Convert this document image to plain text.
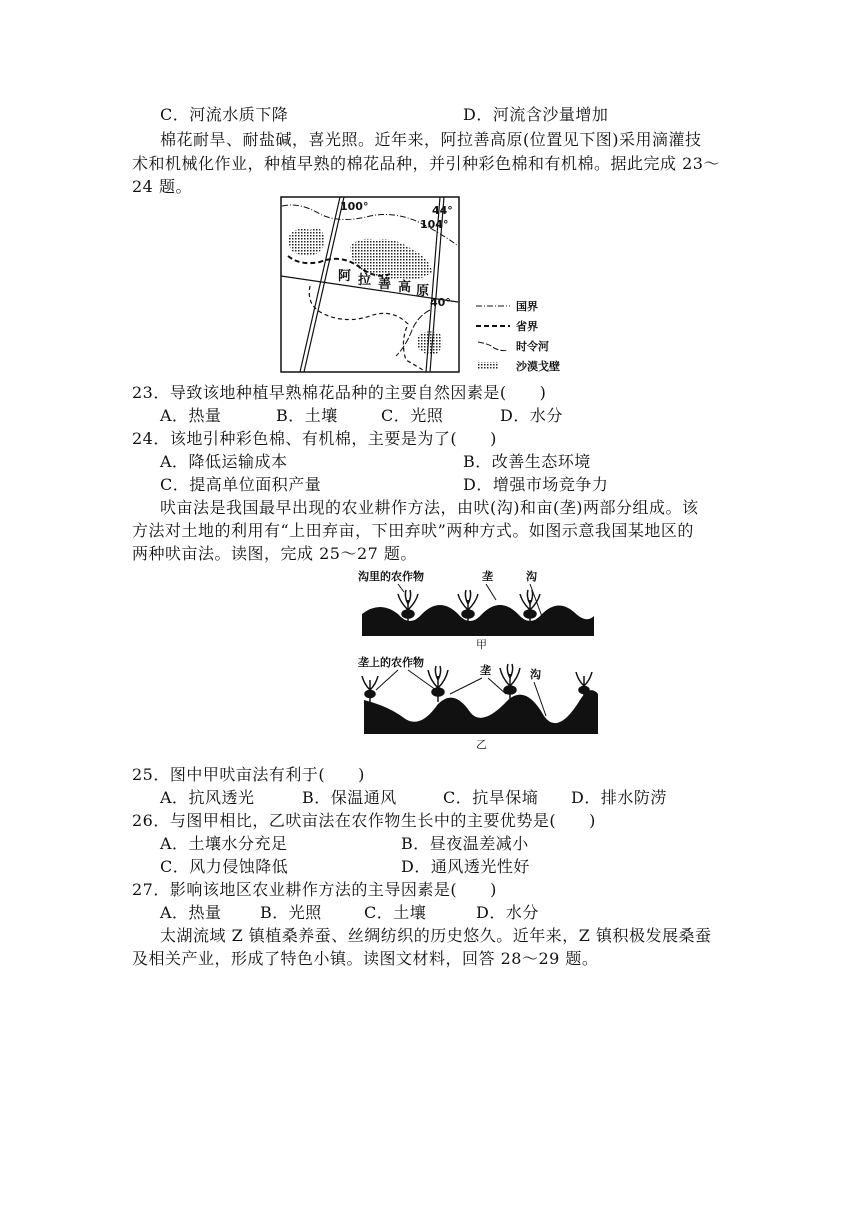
C．河流水质下降	D．河流含沙量增加
棉花耐旱、耐盐碱，喜光照。近年来，阿拉善高原(位置见下图)采用滴灌技
术和机械化作业，种植早熟的棉花品种，并引种彩色棉和有机棉。据此完成 23～
24 题。
100°	44°
104°
40°
阿 拉 善 高 原
国界
省界
时令河
沙漠戈壁
23．导致该地种植早熟棉花品种的主要自然因素是(　　)
A．热量	B．土壤	C．光照	D．水分
24．该地引种彩色棉、有机棉，主要是为了(　　)
A．降低运输成本	B．改善生态环境
C．提高单位面积产量	D．增强市场竞争力
吠亩法是我国最早出现的农业耕作方法，由吠(沟)和亩(垄)两部分组成。该
方法对土地的利用有“上田弃亩，下田弃吠”两种方式。如图示意我国某地区的
两种吠亩法。读图，完成 25～27 题。
沟里的农作物	垄	沟
甲
垄上的农作物
垄	沟
乙
25．图中甲吠亩法有利于(　　)
A．抗风透光	B．保温通风	C．抗旱保墒 D．排水防涝
26．与图甲相比，乙吠亩法在农作物生长中的主要优势是(　　)
A．土壤水分充足	B．昼夜温差减小
C．风力侵蚀降低	D．通风透光性好
27．影响该地区农业耕作方法的主导因素是(　　)
A．热量 B．光照	C．土壤	D．水分
太湖流域 Z 镇植桑养蚕、丝绸纺织的历史悠久。近年来，Z 镇积极发展桑蚕
及相关产业，形成了特色小镇。读图文材料，回答 28～29 题。
